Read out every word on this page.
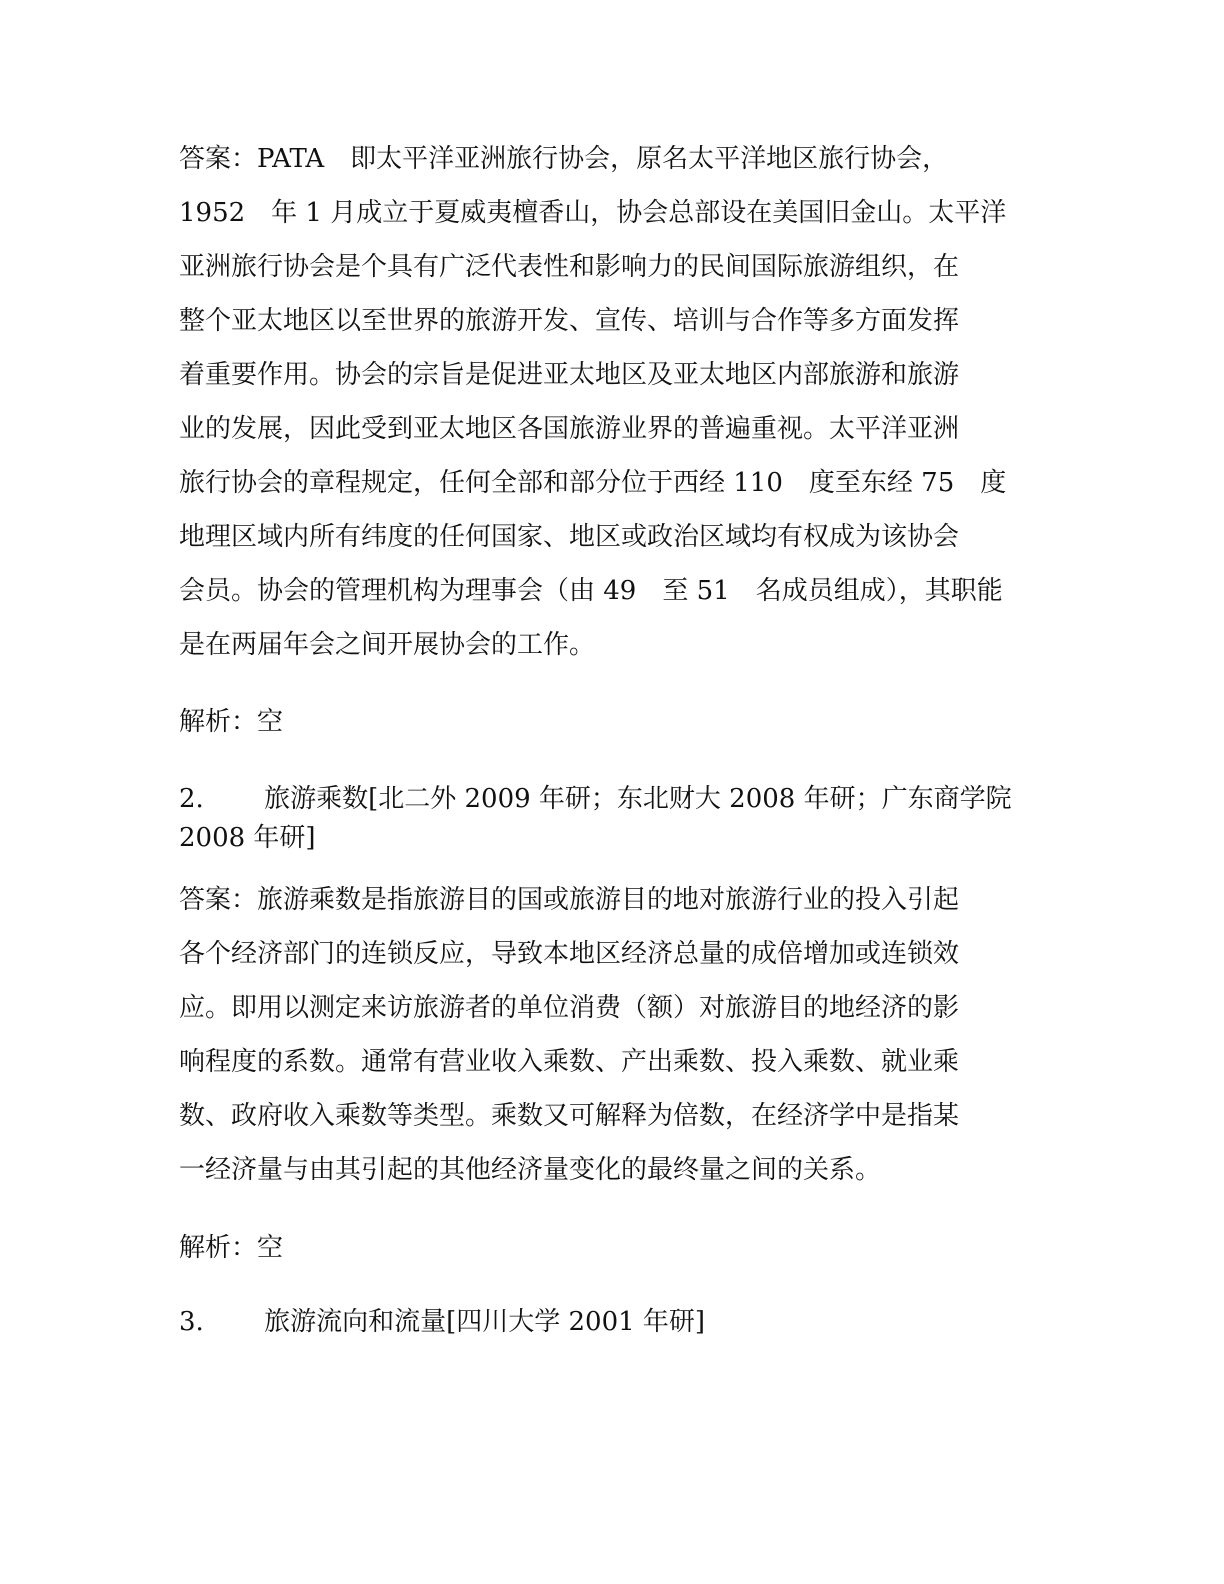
答案：PATA　即太平洋亚洲旅行协会，原名太平洋地区旅行协会，
1952　年 1 月成立于夏威夷檀香山，协会总部设在美国旧金山。太平洋
亚洲旅行协会是个具有广泛代表性和影响力的民间国际旅游组织，在
整个亚太地区以至世界的旅游开发、宣传、培训与合作等多方面发挥
着重要作用。协会的宗旨是促进亚太地区及亚太地区内部旅游和旅游
业的发展，因此受到亚太地区各国旅游业界的普遍重视。太平洋亚洲
旅行协会的章程规定，任何全部和部分位于西经 110　度至东经 75　度
地理区域内所有纬度的任何国家、地区或政治区域均有权成为该协会
会员。协会的管理机构为理事会（由 49　至 51　名成员组成），其职能
是在两届年会之间开展协会的工作。
解析：空
2.　　 旅游乘数[北二外 2009 年研；东北财大 2008 年研；广东商学院
2008 年研]
答案：旅游乘数是指旅游目的国或旅游目的地对旅游行业的投入引起
各个经济部门的连锁反应，导致本地区经济总量的成倍增加或连锁效
应。即用以测定来访旅游者的单位消费（额）对旅游目的地经济的影
响程度的系数。通常有营业收入乘数、产出乘数、投入乘数、就业乘
数、政府收入乘数等类型。乘数又可解释为倍数，在经济学中是指某
一经济量与由其引起的其他经济量变化的最终量之间的关系。
解析：空
3.　　 旅游流向和流量[四川大学 2001 年研]
